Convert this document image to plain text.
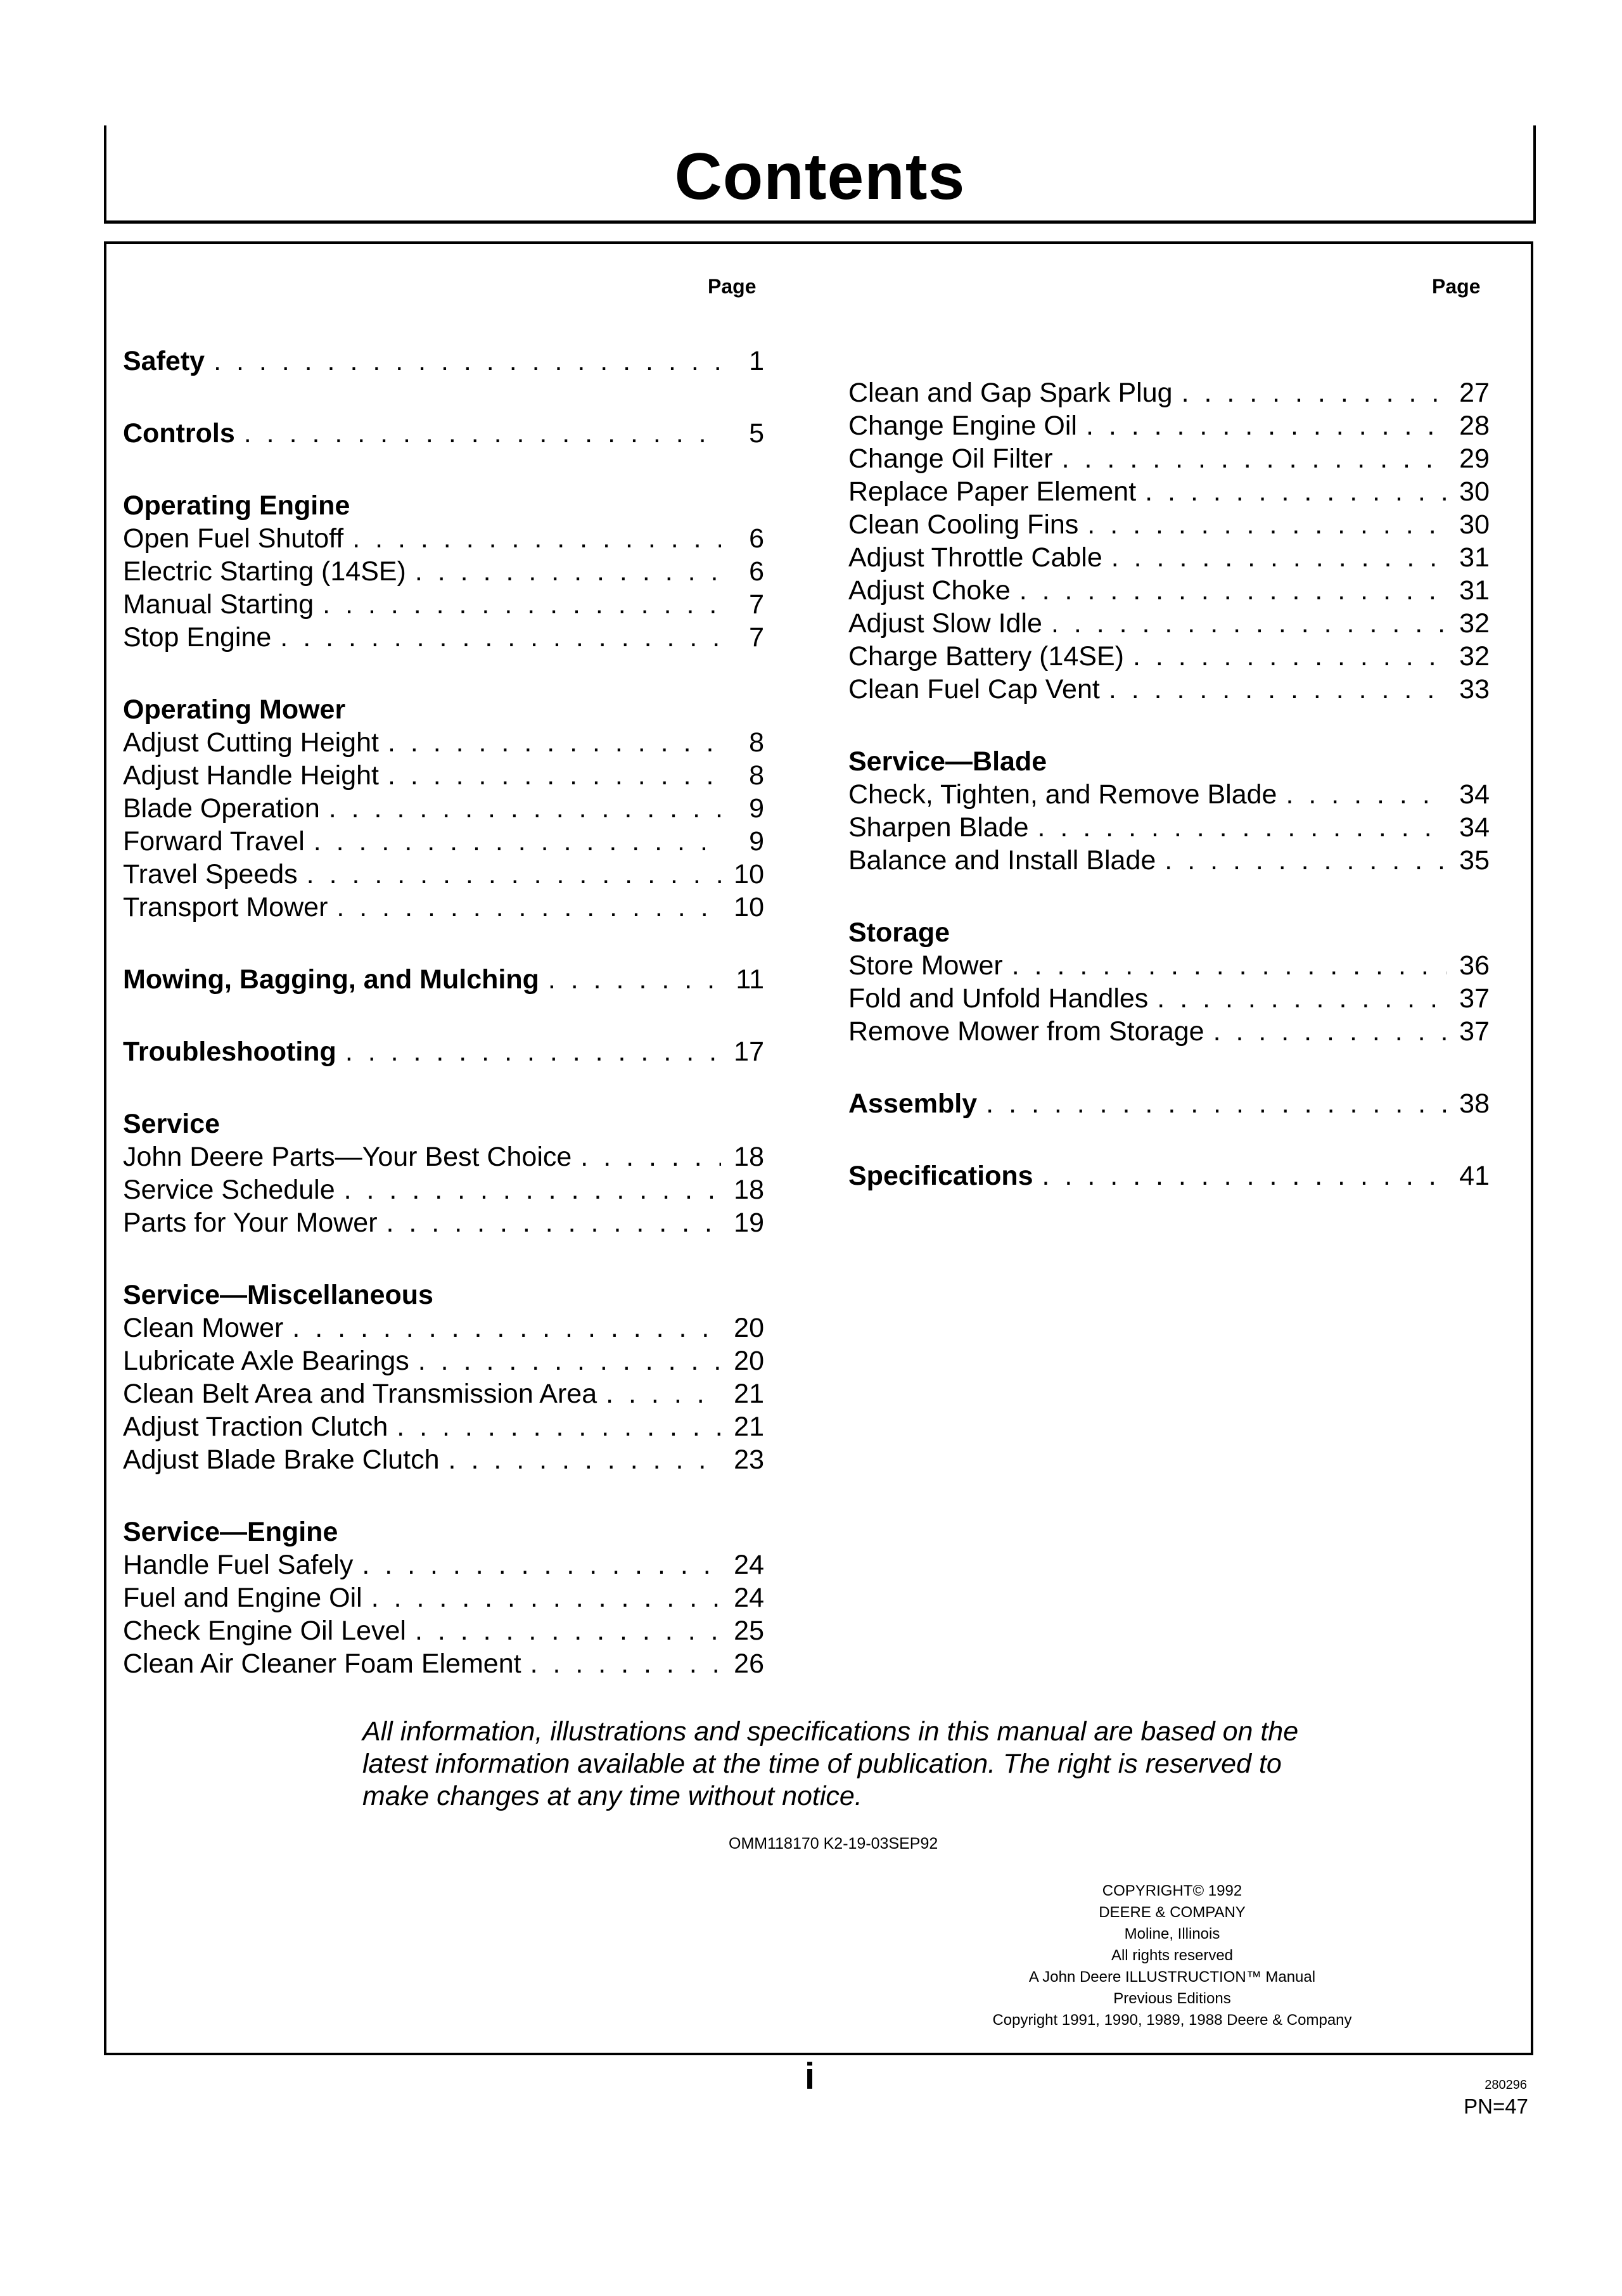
Contents
Page	Page
Safety . . .	1
Controls . . .	5
Operating Engine
Open Fuel Shutoff . . .	6
Electric Starting (14SE) . . .	6
Manual Starting . . .	7
Stop Engine . . .	7
Operating Mower
Adjust Cutting Height . . .	8
Adjust Handle Height . . .	8
Blade Operation . . .	9
Forward Travel . . .	9
Travel Speeds . . .	10
Transport Mower . . .	10
Mowing, Bagging, and Mulching . . .	11
Troubleshooting . . .	17
Service
John Deere Parts—Your Best Choice . . .	18
Service Schedule . . .	18
Parts for Your Mower . . .	19
Service—Miscellaneous
Clean Mower . . .	20
Lubricate Axle Bearings . . .	20
Clean Belt Area and Transmission Area . . .	21
Adjust Traction Clutch . . .	21
Adjust Blade Brake Clutch . . .	23
Service—Engine
Handle Fuel Safely . . .	24
Fuel and Engine Oil . . .	24
Check Engine Oil Level . . .	25
Clean Air Cleaner Foam Element . . .	26
Clean and Gap Spark Plug . . .	27
Change Engine Oil . . .	28
Change Oil Filter . . .	29
Replace Paper Element . . .	30
Clean Cooling Fins . . .	30
Adjust Throttle Cable . . .	31
Adjust Choke . . .	31
Adjust Slow Idle . . .	32
Charge Battery (14SE) . . .	32
Clean Fuel Cap Vent . . .	33
Service—Blade
Check, Tighten, and Remove Blade . . .	34
Sharpen Blade . . .	34
Balance and Install Blade . . .	35
Storage
Store Mower . . .	36
Fold and Unfold Handles . . .	37
Remove Mower from Storage . . .	37
Assembly . . .	38
Specifications . . .	41
All information, illustrations and specifications in this manual are based on the latest information available at the time of publication. The right is reserved to make changes at any time without notice.
OMM118170 K2-19-03SEP92
COPYRIGHT© 1992
DEERE & COMPANY
Moline, Illinois
All rights reserved
A John Deere ILLUSTRUCTION™ Manual
Previous Editions
Copyright 1991, 1990, 1989, 1988 Deere & Company
i	280296
PN=47
